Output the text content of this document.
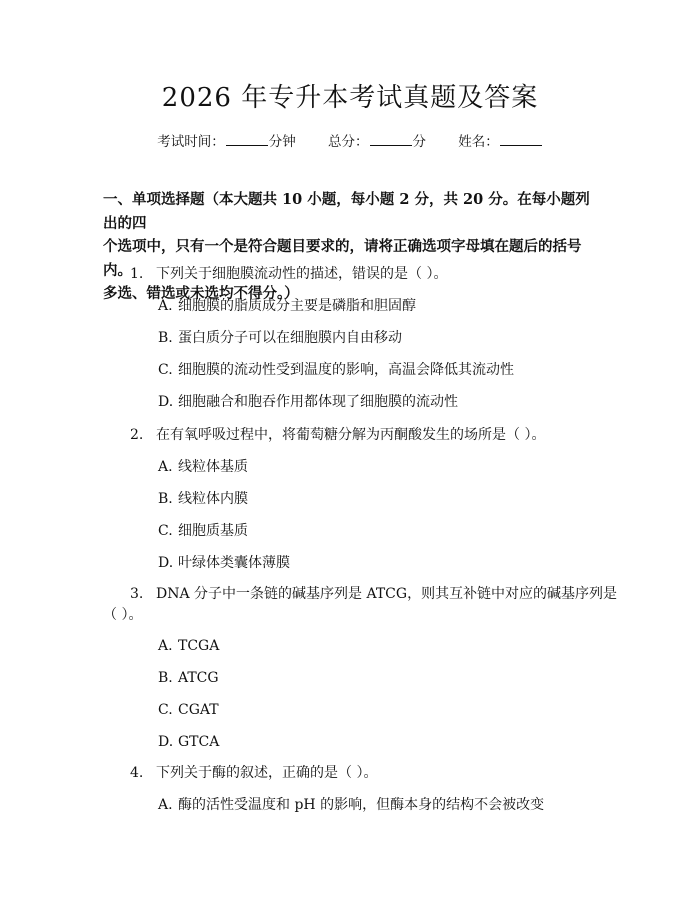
2026 年专升本考试真题及答案
考试时间：	分钟 总分：	分 姓名：
一、单项选择题（本大题共 10 小题，每小题 2 分，共 20 分。在每小题列出的四
个选项中，只有一个是符合题目要求的，请将正确选项字母填在题后的括号内。
多选、错选或未选均不得分。）
1. 下列关于细胞膜流动性的描述，错误的是（ ）。
A. 细胞膜的脂质成分主要是磷脂和胆固醇
B. 蛋白质分子可以在细胞膜内自由移动
C. 细胞膜的流动性受到温度的影响，高温会降低其流动性
D. 细胞融合和胞吞作用都体现了细胞膜的流动性
2. 在有氧呼吸过程中，将葡萄糖分解为丙酮酸发生的场所是（ ）。
A. 线粒体基质
B. 线粒体内膜
C. 细胞质基质
D. 叶绿体类囊体薄膜
3. DNA 分子中一条链的碱基序列是 ATCG，则其互补链中对应的碱基序列是
（ ）。
A. TCGA
B. ATCG
C. CGAT
D. GTCA
4. 下列关于酶的叙述，正确的是（ ）。
A. 酶的活性受温度和 pH 的影响，但酶本身的结构不会被改变
